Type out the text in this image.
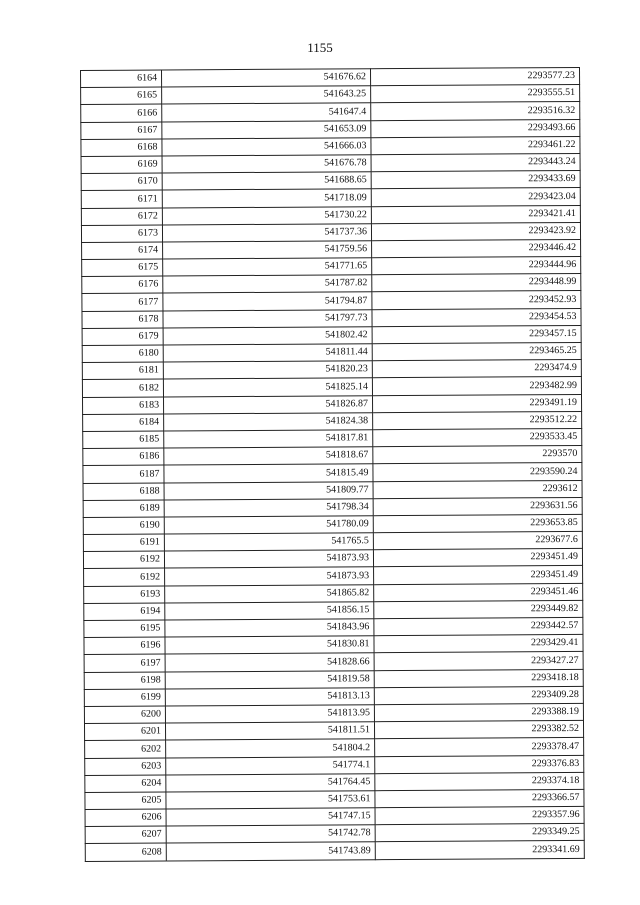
1155
6164	541676.62	2293577.23
6165	541643.25	2293555.51
6166	541647.4	2293516.32
6167	541653.09	2293493.66
6168	541666.03	2293461.22
6169	541676.78	2293443.24
6170	541688.65	2293433.69
6171	541718.09	2293423.04
6172	541730.22	2293421.41
6173	541737.36	2293423.92
6174	541759.56	2293446.42
6175	541771.65	2293444.96
6176	541787.82	2293448.99
6177	541794.87	2293452.93
6178	541797.73	2293454.53
6179	541802.42	2293457.15
6180	541811.44	2293465.25
6181	541820.23	2293474.9
6182	541825.14	2293482.99
6183	541826.87	2293491.19
6184	541824.38	2293512.22
6185	541817.81	2293533.45
6186	541818.67	2293570
6187	541815.49	2293590.24
6188	541809.77	2293612
6189	541798.34	2293631.56
6190	541780.09	2293653.85
6191	541765.5	2293677.6
6192	541873.93	2293451.49
6192	541873.93	2293451.49
6193	541865.82	2293451.46
6194	541856.15	2293449.82
6195	541843.96	2293442.57
6196	541830.81	2293429.41
6197	541828.66	2293427.27
6198	541819.58	2293418.18
6199	541813.13	2293409.28
6200	541813.95	2293388.19
6201	541811.51	2293382.52
6202	541804.2	2293378.47
6203	541774.1	2293376.83
6204	541764.45	2293374.18
6205	541753.61	2293366.57
6206	541747.15	2293357.96
6207	541742.78	2293349.25
6208	541743.89	2293341.69
